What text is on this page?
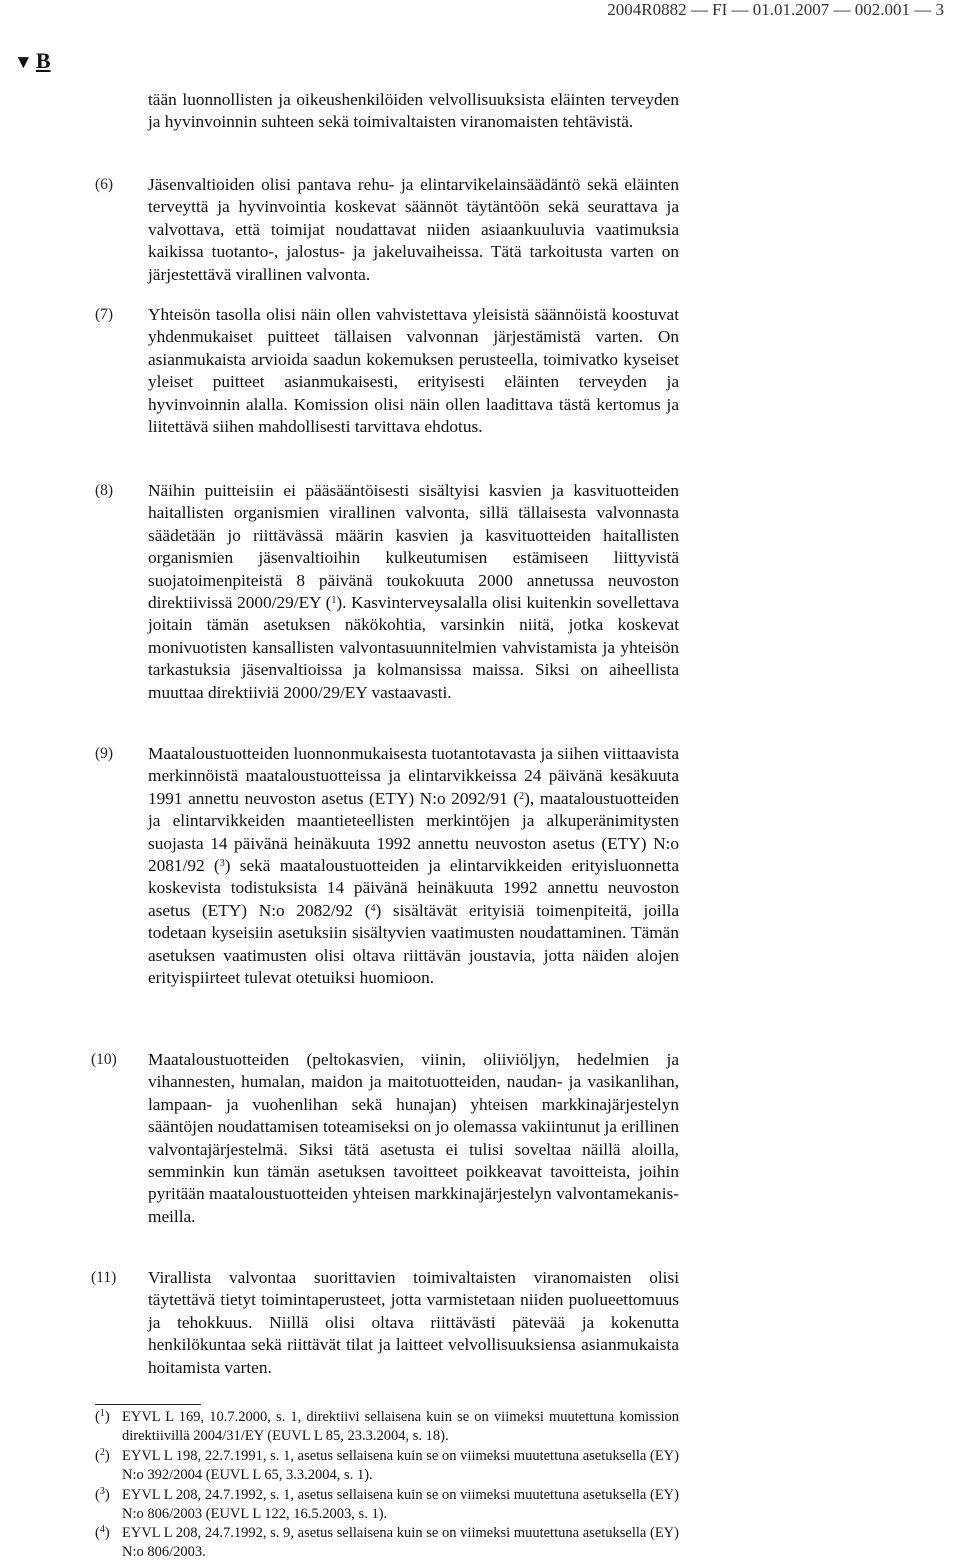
2004R0882 — FI — 01.01.2007 — 002.001 — 3
▼ B
tään luonnollisten ja oikeushenkilöiden velvollisuuksista eläinten terveyden ja hyvinvoinnin suhteen sekä toimivaltaisten viranomaisten tehtävistä.
(6) Jäsenvaltioiden olisi pantava rehu- ja elintarvikelainsäädäntö sekä eläinten terveyttä ja hyvinvointia koskevat säännöt täytäntöön sekä seurattava ja valvottava, että toimijat noudattavat niiden asiaankuuluvia vaatimuksia kaikissa tuotanto-, jalostus- ja jakeluvaiheissa. Tätä tarkoitusta varten on järjestettävä virallinen valvonta.
(7) Yhteisön tasolla olisi näin ollen vahvistettava yleisistä säännöistä koostuvat yhdenmukaiset puitteet tällaisen valvonnan järjestämistä varten. On asianmukaista arvioida saadun kokemuksen perusteella, toimivatko kyseiset yleiset puitteet asianmukaisesti, erityisesti eläinten terveyden ja hyvinvoinnin alalla. Komission olisi näin ollen laadittava tästä kertomus ja liitettävä siihen mahdollisesti tarvittava ehdotus.
(8) Näihin puitteisiin ei pääsääntöisesti sisältyisi kasvien ja kasvituotteiden haitallisten organismien virallinen valvonta, sillä tällaisesta valvonnasta säädetään jo riittävässä määrin kasvien ja kasvituotteiden haitallisten organismien jäsenvaltioihin kulkeutumisen estämiseen liittyvistä suojatoimenpiteistä 8 päivänä toukokuuta 2000 annetussa neuvoston direktiivissä 2000/29/EY ($^1$). Kasvinterveysalalla olisi kuitenkin sovellettava joitain tämän asetuksen näkökohtia, varsinkin niitä, jotka koskevat monivuotisten kansallisten valvontasuunnitelmien vahvistamista ja yhteisön tarkastuksia jäsenvaltioissa ja kolmansissa maissa. Siksi on aiheellista muuttaa direktiiviä 2000/29/EY vastaavasti.
(9) Maataloustuotteiden luonnonmukaisesta tuotantotavasta ja siihen viittaavista merkinnöistä maataloustuotteissa ja elintarvikkeissa 24 päivänä kesäkuuta 1991 annettu neuvoston asetus (ETY) N:o 2092/91 ($^2$), maataloustuotteiden ja elintarvikkeiden maantieteellisten merkintöjen ja alkuperänimitysten suojasta 14 päivänä heinäkuuta 1992 annettu neuvoston asetus (ETY) N:o 2081/92 ($^3$) sekä maataloustuotteiden ja elintarvikkeiden erityisluonnetta koskevista todistuksista 14 päivänä heinäkuuta 1992 annettu neuvoston asetus (ETY) N:o 2082/92 ($^4$) sisältävät erityisiä toimenpiteitä, joilla todetaan kyseisiin asetuksiin sisältyvien vaatimusten noudattaminen. Tämän asetuksen vaatimusten olisi oltava riittävän joustavia, jotta näiden alojen erityispiirteet tulevat otetuiksi huomioon.
(10) Maataloustuotteiden (peltokasvien, viinin, oliiviöljyn, hedelmien ja vihannesten, humalan, maidon ja maitotuotteiden, naudan- ja vasikanlihan, lampaan- ja vuohenlihan sekä hunajan) yhteisen markkinajärjestelyn sääntöjen noudattamisen toteamiseksi on jo olemassa vakiintunut ja erillinen valvontajärjestelmä. Siksi tätä asetusta ei tulisi soveltaa näillä aloilla, semminkin kun tämän asetuksen tavoitteet poikkeavat tavoitteista, joihin pyritään maataloustuotteiden yhteisen markkinajärjestelyn valvontamekanismeilla.
(11) Virallista valvontaa suorittavien toimivaltaisten viranomaisten olisi täytettävä tietyt toimintaperusteet, jotta varmistetaan niiden puolueettomuus ja tehokkuus. Niillä olisi oltava riittävästi pätevää ja kokenutta henkilökuntaa sekä riittävät tilat ja laitteet velvollisuuksiensa asianmukaista hoitamista varten.
($^1$) EYVL L 169, 10.7.2000, s. 1, direktiivi sellaisena kuin se on viimeksi muutettuna komission direktiivillä 2004/31/EY (EUVL L 85, 23.3.2004, s. 18).
($^2$) EYVL L 198, 22.7.1991, s. 1, asetus sellaisena kuin se on viimeksi muutettuna asetuksella (EY) N:o 392/2004 (EUVL L 65, 3.3.2004, s. 1).
($^3$) EYVL L 208, 24.7.1992, s. 1, asetus sellaisena kuin se on viimeksi muutettuna asetuksella (EY) N:o 806/2003 (EUVL L 122, 16.5.2003, s. 1).
($^4$) EYVL L 208, 24.7.1992, s. 9, asetus sellaisena kuin se on viimeksi muutettuna asetuksella (EY) N:o 806/2003.
